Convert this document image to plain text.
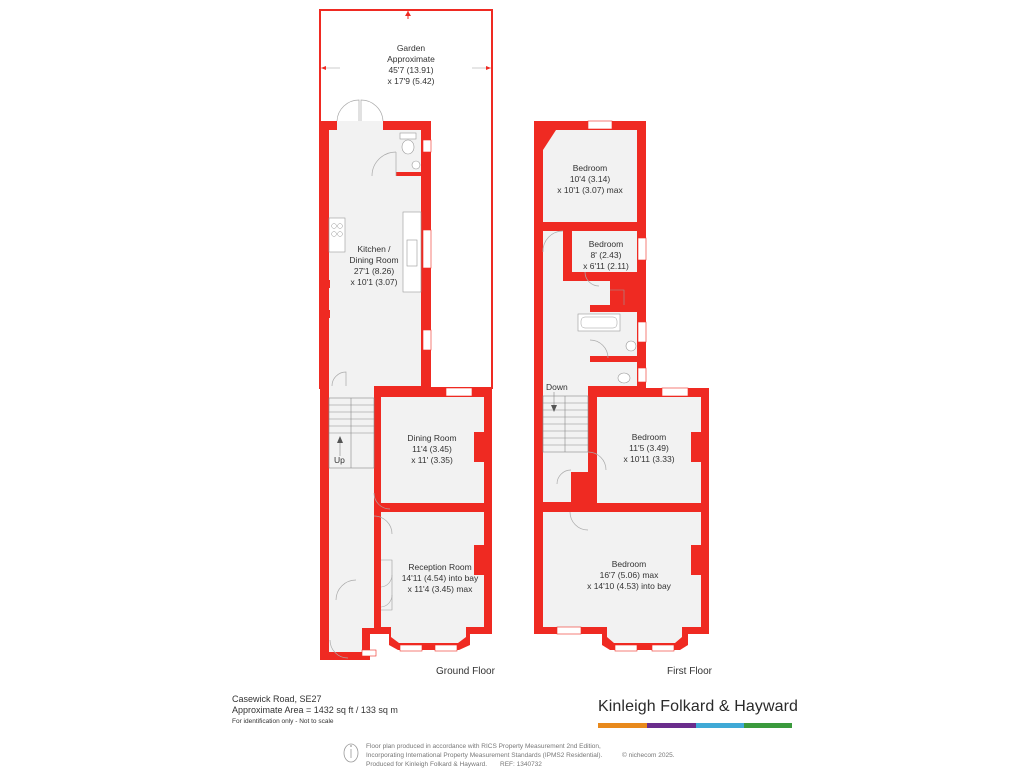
Garden
Approximate
45'7 (13.91)
x 17'9 (5.42)
Kitchen /
Dining Room
27'1 (8.26)
x 10'1 (3.07)
Dining Room
11'4 (3.45)
x 11' (3.35)
Reception Room
14'11 (4.54) into bay
x 11'4 (3.45) max
Up
Ground Floor
Bedroom
10'4 (3.14)
x 10'1 (3.07) max
Bedroom
8' (2.43)
x 6'11 (2.11)
Bedroom
11'5 (3.49)
x 10'11 (3.33)
Bedroom
16'7 (5.06) max
x 14'10 (4.53) into bay
Down
First Floor
Casewick Road, SE27
Approximate Area = 1432 sq ft / 133 sq m
For identification only - Not to scale
Kinleigh Folkard & Hayward
Floor plan produced in accordance with RICS Property Measurement 2nd Edition,
Incorporating International Property Measurement Standards (IPMS2 Residential).	© nichecom 2025.
Produced for Kinleigh Folkard & Hayward. REF: 1340732
